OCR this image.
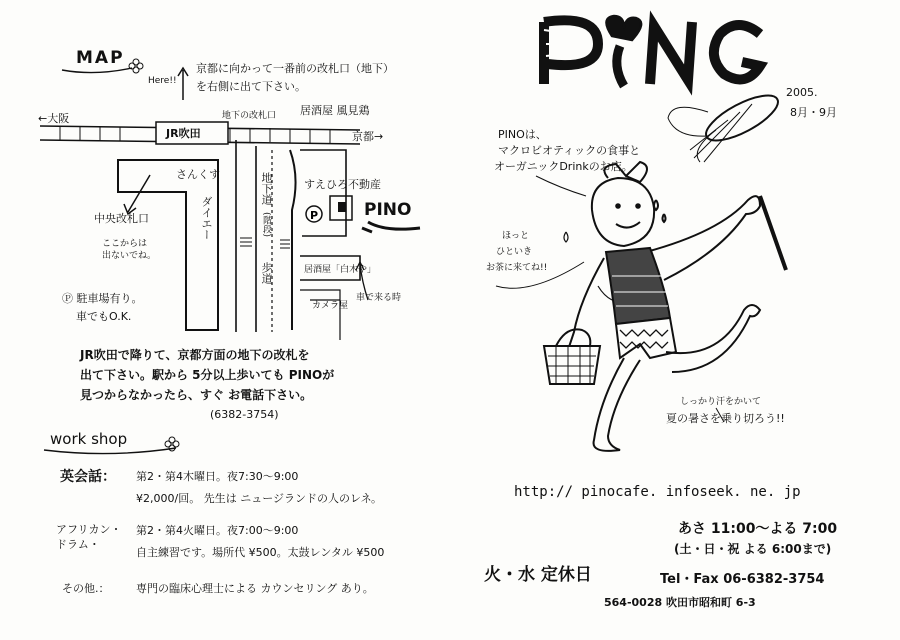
P
MAP
Here!!
京都に向かって一番前の改札口（地下）
を右側に出て下さい。
地下の改札口 居酒屋 風見鶏
←大阪
京都→
JR吹田
さんくす
ダイエー
中央改札口
ここからは
出ないでね。
地下道
(階段)
歩道
すえひろ不動産
PINO
居酒屋「白木や」
カメラ屋
車で来る時
Ⓟ 駐車場有り。
車でもO.K.
JR吹田で降りて、京都方面の地下の改札を
出て下さい。駅から 5分以上歩いても PINOが
見つからなかったら、すぐ お電話下さい。
(6382-3754)
work shop
英会話： 第2・第4木曜日。夜7:30〜9:00
¥2,000/回。 先生は ニュージランドの人のレネ。
アフリカン・ドラム・
第2・第4火曜日。夜7:00〜9:00
自主練習です。場所代 ¥500。太鼓レンタル ¥500
その他.： 専門の臨床心理士による カウンセリング あり。
2005.
8月・9月
PINOは、
マクロビオティックの食事と
オーガニックDrinkのお店。
ほっと
ひといき
お茶に来てね!!
しっかり汗をかいて
夏の暑さを乗り切ろう!!
http:// pinocafe. infoseek. ne. jp
あさ 11:00〜よる 7:00
(土・日・祝 よる 6:00まで)
火・水 定休日	Tel・Fax 06-6382-3754
564-0028 吹田市昭和町 6-3
